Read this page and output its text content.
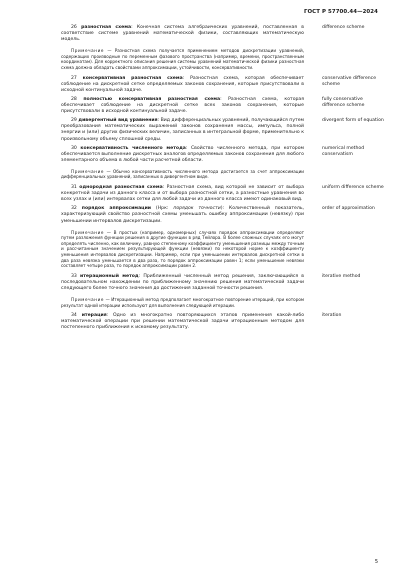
ГОСТ Р 57700.44—2024
26 разностная схема: Конечная система алгебраических уравнений, поставленная в соответствие системе уравнений математической физики, составляющих математическую модель.
difference scheme
Примечание — Разностная схема получается применением методов дискретизации уравнений, содержащих производные по переменным фазового пространства (например, времени, пространственным координатам). Для корректного описания решения системы уравнений математической физики разностная схема должна обладать свойствами аппроксимации, устойчивости, консервативности.
27 консервативная разностная схема: Разностная схема, которая обеспечивает соблюдение на дискретной сетке определяемых законов сохранения, которые присутствовали в исходной континуальной задаче.
conservative difference scheme
28 полностью консервативная разностная схема: Разностная схема, которая обеспечивает соблюдение на дискретной сетке всех законов сохранения, которые присутствовали в исходной континуальной задаче.
fully conservative difference scheme
29 дивергентный вид уравнения: Вид дифференциальных уравнений, получающийся путем преобразования математических выражений законов сохранения массы, импульса, полной энергии и (или) других физических величин, записанных в интегральной форме, применительно к произвольному объему сплошной среды.
divergent form of equation
30 консервативность численного метода: Свойство численного метода, при котором обеспечивается выполнение дискретных аналогов определяемых законов сохранения для любого элементарного объема в любой части расчетной области.
numerical method conservatism
Примечание — Обычно консервативность численного метода достигается за счет аппроксимации дифференциальных уравнений, записанных в дивергентном виде.
31 однородная разностная схема: Разностная схема, вид которой не зависит от выбора конкретной задачи из данного класса и от выбора разностной сетки, а разностные уравнения во всех узлах и (или) интервалах сетки для любой задачи из данного класса имеют одинаковый вид.
uniform difference scheme
32 порядок аппроксимации (Нрк: порядок точности): Количественный показатель, характеризующий свойство разностной схемы уменьшать ошибку аппроксимации (невязку) при уменьшении интервалов дискретизации.
order of approximation
Примечание — В простых (например, одномерных) случаях порядок аппроксимации определяют путем разложения функции решения в другие функции в ряд Тейлора. В более сложных случаях его могут определять численно, как величину, равную степенному коэффициенту уменьшения разницы между точным и рассчитанным значением результирующей функции (невязки) по некоторой норме к коэффициенту уменьшения интервалов дискретизации. Например, если при уменьшении интервалов дискретной сетки в два раза невязка уменьшается в два раза, то порядок аппроксимации равен 1; если уменьшение невязки составляет четыре раза, то порядок аппроксимации равен 2.
33 итерационный метод: Приближенный численный метод решения, заключающийся в последовательном нахождении по приближенному значению решения математической задачи следующего более точного значения до достижения заданной точности решения.
iterative method
Примечание — Итерационный метод предполагает многократное повторение итераций, при котором результат одной итерации используют для выполнения следующей итерации.
34 итерация: Одно из многократно повторяющихся этапов применения какой-либо математической операции при решении математической задачи итерационным методом для постепенного приближения к искомому результату.
iteration
5
